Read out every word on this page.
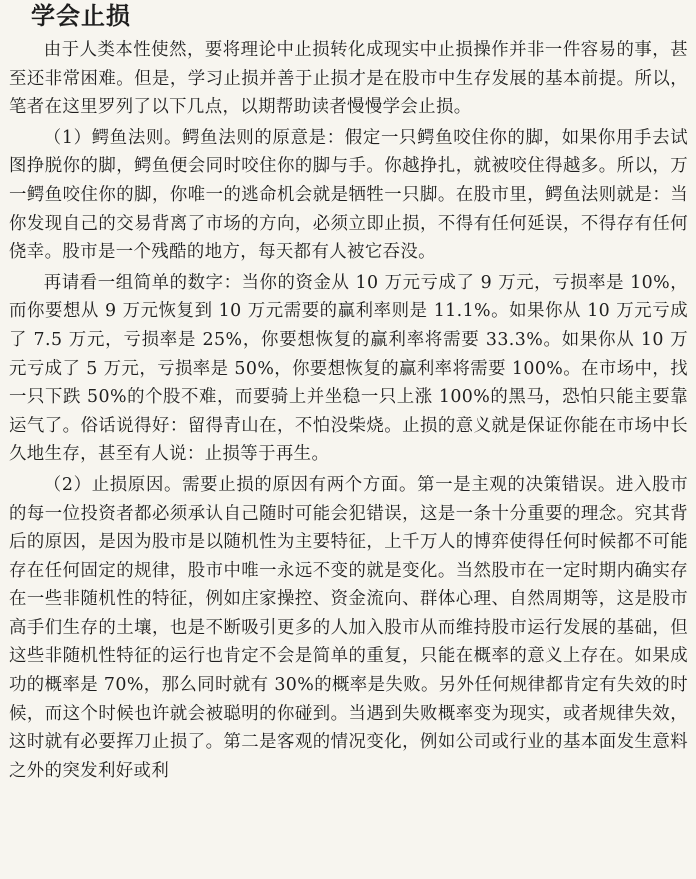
学会止损

由于人类本性使然，要将理论中止损转化成现实中止损操作并非一件容易的事，甚至还非常困难。但是，学习止损并善于止损才是在股市中生存发展的基本前提。所以，笔者在这里罗列了以下几点，以期帮助读者慢慢学会止损。

（1）鳄鱼法则。鳄鱼法则的原意是：假定一只鳄鱼咬住你的脚，如果你用手去试图挣脱你的脚，鳄鱼便会同时咬住你的脚与手。你越挣扎，就被咬住得越多。所以，万一鳄鱼咬住你的脚，你唯一的逃命机会就是牺牲一只脚。在股市里，鳄鱼法则就是：当你发现自己的交易背离了市场的方向，必须立即止损，不得有任何延误，不得存有任何侥幸。股市是一个残酷的地方，每天都有人被它吞没。

再请看一组简单的数字：当你的资金从 10 万元亏成了 9 万元，亏损率是 10%，而你要想从 9 万元恢复到 10 万元需要的赢利率则是 11.1%。如果你从 10 万元亏成了 7.5 万元，亏损率是 25%，你要想恢复的赢利率将需要 33.3%。如果你从 10 万元亏成了 5 万元，亏损率是 50%，你要想恢复的赢利率将需要 100%。在市场中，找一只下跌 50%的个股不难，而要骑上并坐稳一只上涨 100%的黑马，恐怕只能主要靠运气了。俗话说得好：留得青山在，不怕没柴烧。止损的意义就是保证你能在市场中长久地生存，甚至有人说：止损等于再生。

（2）止损原因。需要止损的原因有两个方面。第一是主观的决策错误。进入股市的每一位投资者都必须承认自己随时可能会犯错误，这是一条十分重要的理念。究其背后的原因，是因为股市是以随机性为主要特征，上千万人的博弈使得任何时候都不可能存在任何固定的规律，股市中唯一永远不变的就是变化。当然股市在一定时期内确实存在一些非随机性的特征，例如庄家操控、资金流向、群体心理、自然周期等，这是股市高手们生存的土壤，也是不断吸引更多的人加入股市从而维持股市运行发展的基础，但这些非随机性特征的运行也肯定不会是简单的重复，只能在概率的意义上存在。如果成功的概率是 70%，那么同时就有 30%的概率是失败。另外任何规律都肯定有失效的时候，而这个时候也许就会被聪明的你碰到。当遇到失败概率变为现实，或者规律失效，这时就有必要挥刀止损了。第二是客观的情况变化，例如公司或行业的基本面发生意料之外的突发利好或利
